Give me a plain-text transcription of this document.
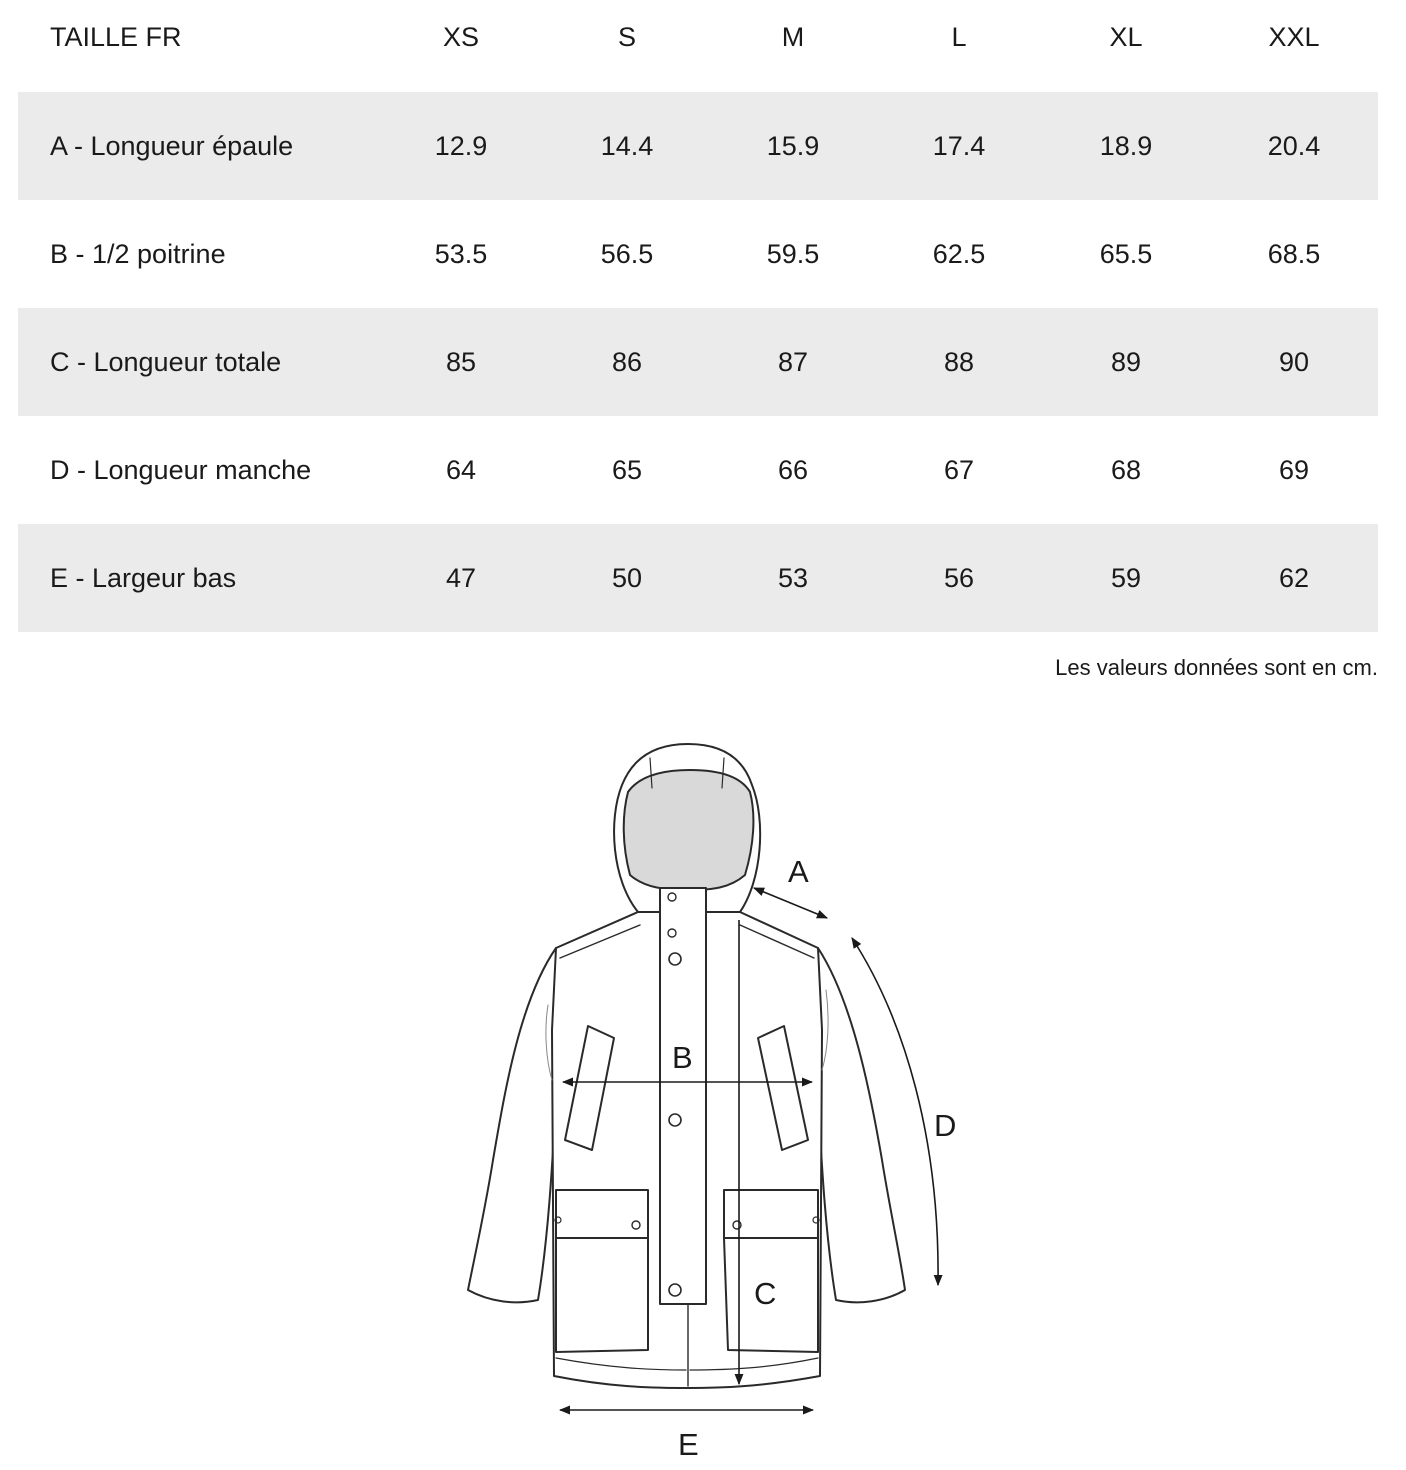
TAILLE FR	XS	S	M	L	XL	XXL
A - Longueur épaule	12.9	14.4	15.9	17.4	18.9	20.4
B - 1/2 poitrine	53.5	56.5	59.5	62.5	65.5	68.5
C - Longueur totale	85	86	87	88	89	90
D - Longueur manche	64	65	66	67	68	69
E - Largeur bas	47	50	53	56	59	62
Les valeurs données sont en cm.
A
B
C
D
E
